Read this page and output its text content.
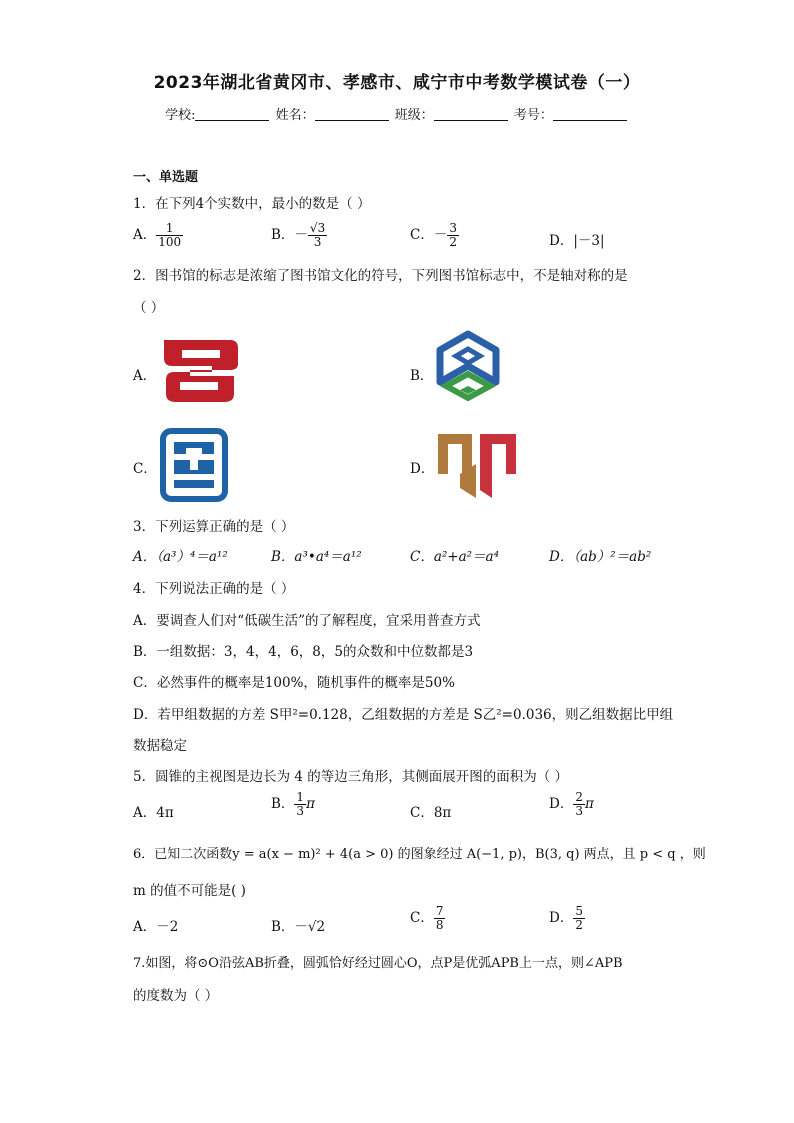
2023年湖北省黄冈市、孝感市、咸宁市中考数学模试卷（一）
学校:	姓名：	班级：	考号：
一、单选题
1．在下列4个实数中，最小的数是（ ）
A． $\frac{1}{100}$	B．－ $\frac{√3}{3}$	C．－ $\frac{3}{2}$	D．|－3|
2．图书馆的标志是浓缩了图书馆文化的符号，下列图书馆标志中，不是轴对称的是
（ ）
A．	B．
C．	D．
3．下列运算正确的是（ ）
A．（a³）⁴＝a¹²	B．a³•a⁴＝a¹²	C．a²+a²＝a⁴	D．（ab）²＝ab²
4．下列说法正确的是（ ）
A．要调查人们对“低碳生活”的了解程度，宜采用普查方式
B．一组数据：3，4，4，6，8，5的众数和中位数都是3
C．必然事件的概率是100%，随机事件的概率是50%
D．若甲组数据的方差 S甲²=0.128，乙组数据的方差是 S乙²=0.036，则乙组数据比甲组
数据稳定
5．圆锥的主视图是边长为 4 的等边三角形，其侧面展开图的面积为（ ）
A．4π
B． $\frac{1}{3}$ π
C．8π
D． $\frac{2}{3}$ π
6．已知二次函数y = a(x − m)² + 4(a > 0) 的图象经过 A(−1, p)，B(3, q) 两点，且 p < q ，则
m 的值不可能是( )
A．－2	B．－√2
C． $\frac{7}{8}$	D． $\frac{5}{2}$
7.如图，将⊙O沿弦AB折叠，圆弧恰好经过圆心O，点P是优弧APB上一点，则∠APB
的度数为（ ）
